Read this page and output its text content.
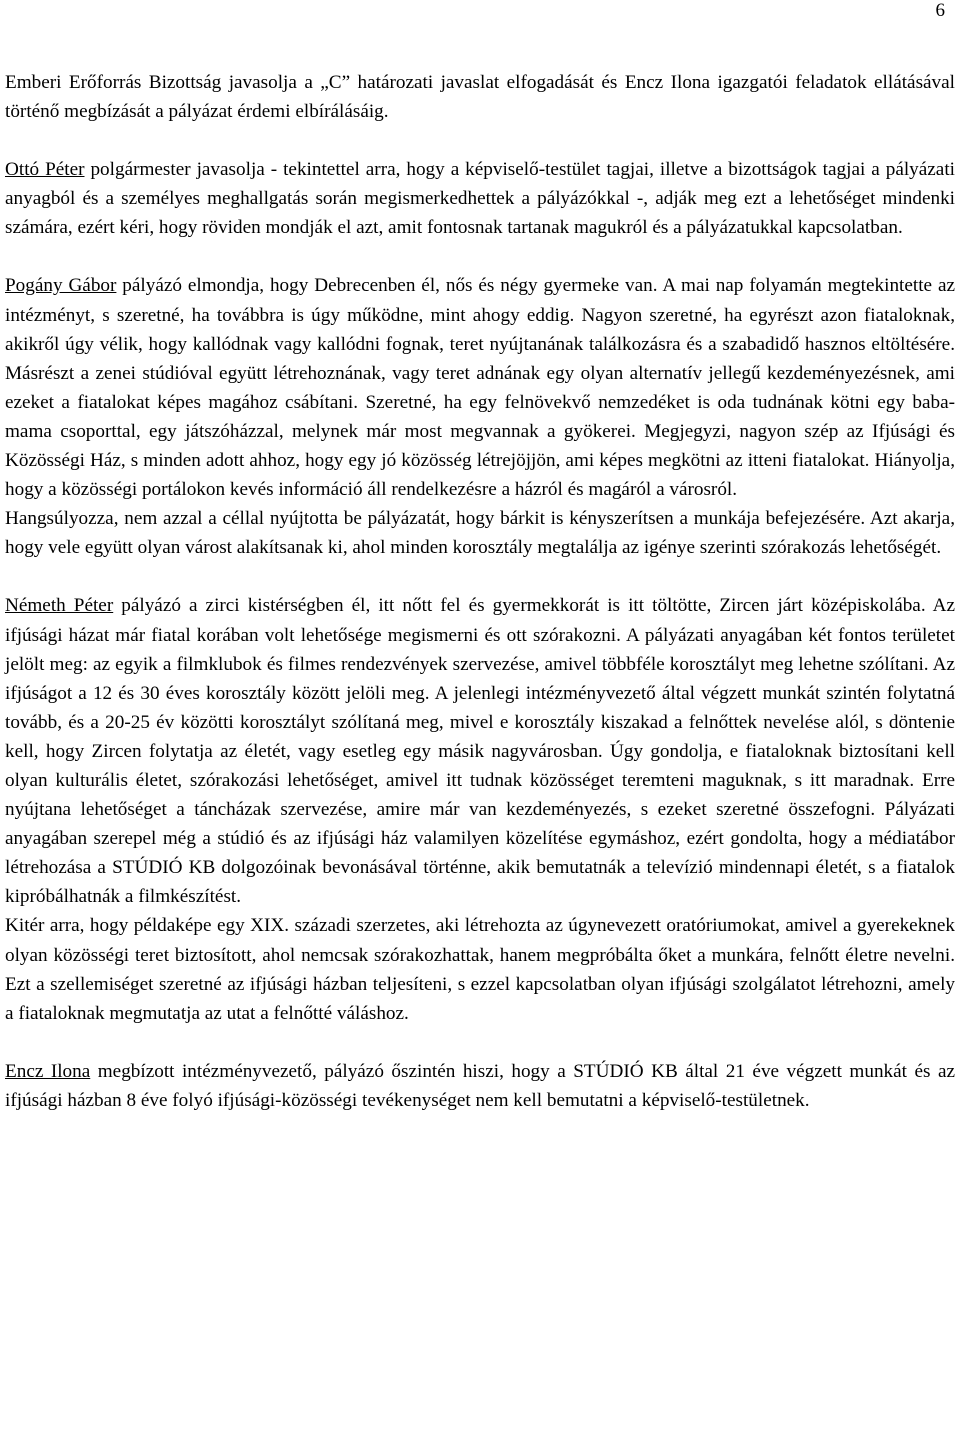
6

Emberi Erőforrás Bizottság javasolja a „C” határozati javaslat elfogadását és Encz Ilona igazgatói feladatok ellátásával történő megbízását a pályázat érdemi elbírálásáig.

Ottó Péter polgármester javasolja - tekintettel arra, hogy a képviselő-testület tagjai, illetve a bizottságok tagjai a pályázati anyagból és a személyes meghallgatás során megismerkedhettek a pályázókkal -, adják meg ezt a lehetőséget mindenki számára, ezért kéri, hogy röviden mondják el azt, amit fontosnak tartanak magukról és a pályázatukkal kapcsolatban.

Pogány Gábor pályázó elmondja, hogy Debrecenben él, nős és négy gyermeke van. A mai nap folyamán megtekintette az intézményt, s szeretné, ha továbbra is úgy működne, mint ahogy eddig. Nagyon szeretné, ha egyrészt azon fiataloknak, akikről úgy vélik, hogy kallódnak vagy kallódni fognak, teret nyújtanának találkozásra és a szabadidő hasznos eltöltésére. Másrészt a zenei stúdióval együtt létrehoznának, vagy teret adnának egy olyan alternatív jellegű kezdeményezésnek, ami ezeket a fiatalokat képes magához csábítani. Szeretné, ha egy felnövekvő nemzedéket is oda tudnának kötni egy baba-mama csoporttal, egy játszóházzal, melynek már most megvannak a gyökerei. Megjegyzi, nagyon szép az Ifjúsági és Közösségi Ház, s minden adott ahhoz, hogy egy jó közösség létrejöjjön, ami képes megkötni az itteni fiatalokat. Hiányolja, hogy a közösségi portálokon kevés információ áll rendelkezésre a házról és magáról a városról.

Hangsúlyozza, nem azzal a céllal nyújtotta be pályázatát, hogy bárkit is kényszerítsen a munkája befejezésére. Azt akarja, hogy vele együtt olyan várost alakítsanak ki, ahol minden korosztály megtalálja az igénye szerinti szórakozás lehetőségét.

Németh Péter pályázó a zirci kistérségben él, itt nőtt fel és gyermekkorát is itt töltötte, Zircen járt középiskolába. Az ifjúsági házat már fiatal korában volt lehetősége megismerni és ott szórakozni. A pályázati anyagában két fontos területet jelölt meg: az egyik a filmklubok és filmes rendezvények szervezése, amivel többféle korosztályt meg lehetne szólítani. Az ifjúságot a 12 és 30 éves korosztály között jelöli meg. A jelenlegi intézményvezető által végzett munkát szintén folytatná tovább, és a 20-25 év közötti korosztályt szólítaná meg, mivel e korosztály kiszakad a felnőttek nevelése alól, s döntenie kell, hogy Zircen folytatja az életét, vagy esetleg egy másik nagyvárosban. Úgy gondolja, e fiataloknak biztosítani kell olyan kulturális életet, szórakozási lehetőséget, amivel itt tudnak közösséget teremteni maguknak, s itt maradnak. Erre nyújtana lehetőséget a táncházak szervezése, amire már van kezdeményezés, s ezeket szeretné összefogni. Pályázati anyagában szerepel még a stúdió és az ifjúsági ház valamilyen közelítése egymáshoz, ezért gondolta, hogy a médiatábor létrehozása a STÚDIÓ KB dolgozóinak bevonásával történne, akik bemutatnák a televízió mindennapi életét, s a fiatalok kipróbálhatnák a filmkészítést.

Kitér arra, hogy példaképe egy XIX. századi szerzetes, aki létrehozta az úgynevezett oratóriumokat, amivel a gyerekeknek olyan közösségi teret biztosított, ahol nemcsak szórakozhattak, hanem megpróbálta őket a munkára, felnőtt életre nevelni. Ezt a szellemiséget szeretné az ifjúsági házban teljesíteni, s ezzel kapcsolatban olyan ifjúsági szolgálatot létrehozni, amely a fiataloknak megmutatja az utat a felnőtté váláshoz.

Encz Ilona megbízott intézményvezető, pályázó őszintén hiszi, hogy a STÚDIÓ KB által 21 éve végzett munkát és az ifjúsági házban 8 éve folyó ifjúsági-közösségi tevékenységet nem kell bemutatni a képviselő-testületnek.
